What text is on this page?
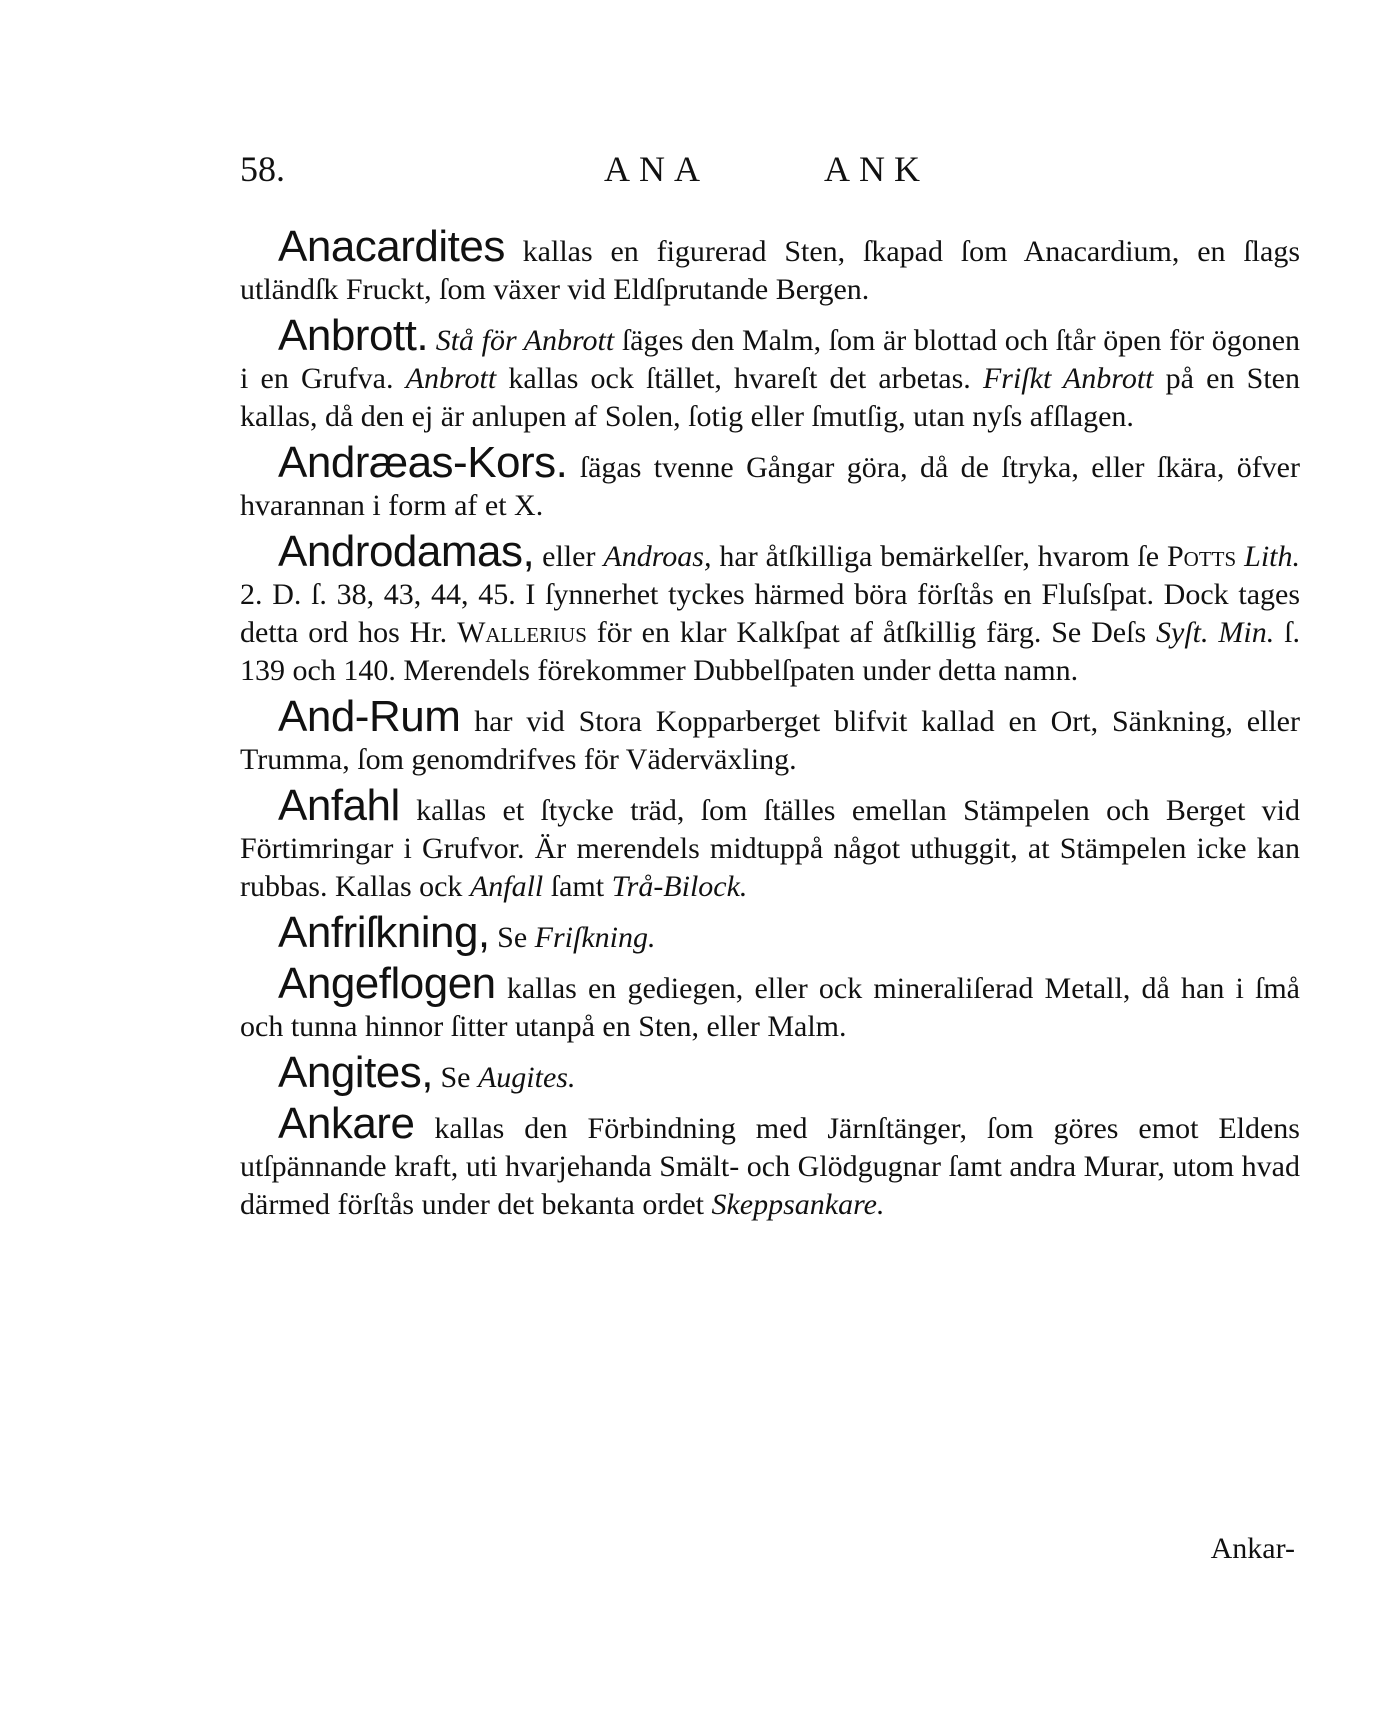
58.	ANA	ANK

Anacardites kallas en figurerad Sten, ſkapad ſom Anacardium, en ſlags utländſk Fruckt, ſom växer vid Eldſprutande Bergen.

Anbrott. Stå för Anbrott ſäges den Malm, ſom är blottad och ſtår öpen för ögonen i en Grufva. Anbrott kallas ock ſtället, hvareſt det arbetas. Friſkt Anbrott på en Sten kallas, då den ej är anlupen af Solen, ſotig eller ſmutſig, utan nyſs afſlagen.

Andræas-Kors. ſägas tvenne Gångar göra, då de ſtryka, eller ſkära, öfver hvarannan i form af et X.

Androdamas, eller Androas, har åtſkilliga bemärkelſer, hvarom ſe Potts Lith. 2. D. ſ. 38, 43, 44, 45. I ſynnerhet tyckes härmed böra förſtås en Fluſsſpat. Dock tages detta ord hos Hr. Wallerius för en klar Kalkſpat af åtſkillig färg. Se Deſs Syſt. Min. ſ. 139 och 140. Merendels förekommer Dubbelſpaten under detta namn.

And-Rum har vid Stora Kopparberget blifvit kallad en Ort, Sänkning, eller Trumma, ſom genomdrifves för Väderväxling.

Anfahl kallas et ſtycke träd, ſom ſtälles emellan Stämpelen och Berget vid Förtimringar i Grufvor. Är merendels midtuppå något uthuggit, at Stämpelen icke kan rubbas. Kallas ock Anfall ſamt Trå-Bilock.

Anfriſkning, Se Friſkning.

Angeflogen kallas en gediegen, eller ock mineraliſerad Metall, då han i ſmå och tunna hinnor ſitter utanpå en Sten, eller Malm.

Angites, Se Augites.

Ankare kallas den Förbindning med Järnſtänger, ſom göres emot Eldens utſpännande kraft, uti hvarjehanda Smält- och Glödgugnar ſamt andra Murar, utom hvad därmed förſtås under det bekanta ordet Skeppsankare.

Ankar-
